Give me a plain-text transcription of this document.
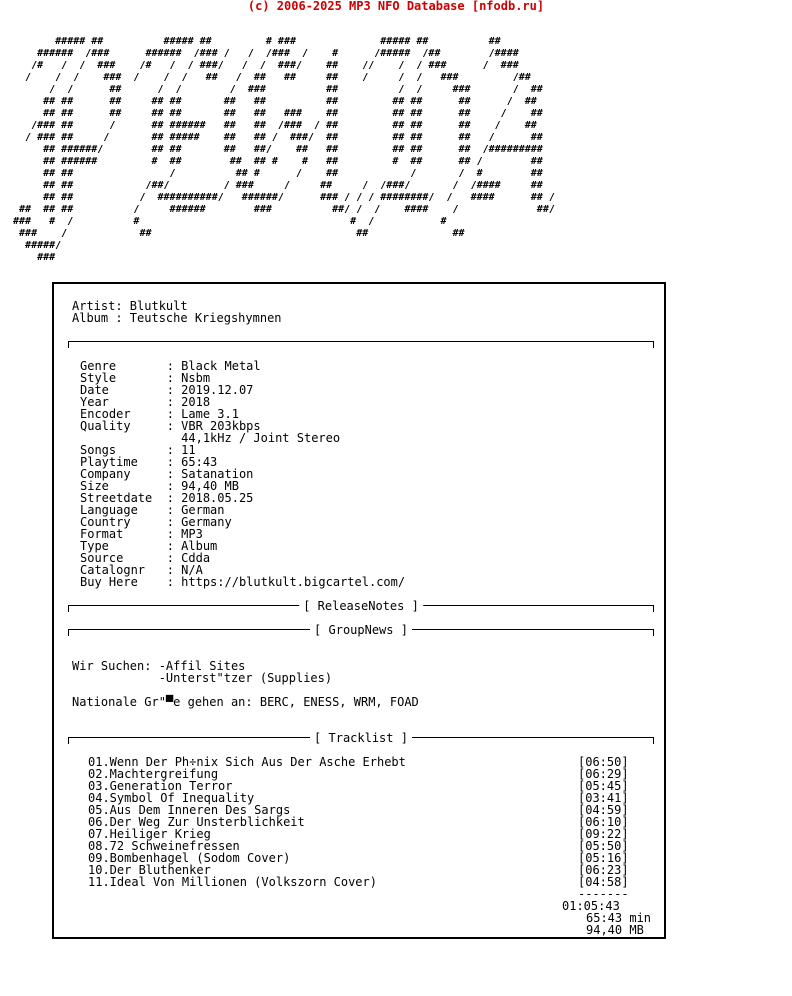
(c) 2006-2025 MP3 NFO Database [nfodb.ru]
##### ##          ##### ##         # ###              ##### ##          ##
######  /###      ######  /### /   /  /###  /    #      /#####  /##        /####
/#   /  /  ###    /#   /  / ###/   /  /  ###/    ##    //    /  / ###      /  ###
/    /  /    ###  /    /  /   ##   /  ##   ##     ##    /     /  /   ###         /##
/  /      ##      /  /        /  ###          ##          /  /     ###       /  ##
## ##      ##     ## ##       ##   ##          ##         ## ##      ##      /  ##
## ##      ##     ## ##       ##   ##   ###    ##         ## ##      ##     /    ##
/### ##      /      ## ######   ##   ##  /###  / ##         ## ##      ##    /    ##
/ ### ##     /       ## #####    ##   ## /  ###/  ##         ## ##      ##   /      ##
## ######/        ## ##       ##   ##/    ##   ##         ## ##      ##  /#########
## ######         #  ##        ##  ## #    #   ##         #  ##      ## /        ##
## ##                /          ## #      /    ##            /       /  #        ##
## ##            /##/         / ###     /     ##     /  /###/       /  /####     ##
## ##           /  ##########/   ######/      ### / / / ########/  /   ####      ## /
##  ## ##          /     ######        ###          ##/ /  /    ####    /             ##/
###   #  /          #                                   #  /           #
###    /            ##                                  ##              ##
#####/
###
Artist: Blutkult
Album : Teutsche Kriegshymnen
Genre       : Black Metal
Style       : Nsbm
Date        : 2019.12.07
Year        : 2018
Encoder     : Lame 3.1
Quality     : VBR 203kbps
44,1kHz / Joint Stereo
Songs       : 11
Playtime    : 65:43
Company     : Satanation
Size        : 94,40 MB
Streetdate  : 2018.05.25
Language    : German
Country     : Germany
Format      : MP3
Type        : Album
Source      : Cdda
Catalognr   : N/A
Buy Here    : https://blutkult.bigcartel.com/
[ ReleaseNotes ]
[ GroupNews ]
Wir Suchen: -Affil Sites
-Unterst"tzer (Supplies)
Nationale Gr"▀e gehen an: BERC, ENESS, WRM, FOAD
[ Tracklist ]
01.Wenn Der Ph÷nix Sich Aus Der Asche Erhebt	[06:50]
02.Machtergreifung	[06:29]
03.Generation Terror	[05:45]
04.Symbol Of Inequality	[03:41]
05.Aus Dem Inneren Des Sargs	[04:59]
06.Der Weg Zur Unsterblichkeit	[06:10]
07.Heiliger Krieg	[09:22]
08.72 Schweinefressen	[05:50]
09.Bombenhagel (Sodom Cover)	[05:16]
10.Der Bluthenker	[06:23]
11.Ideal Von Millionen (Volkszorn Cover)	[04:58]
-------
01:05:43
65:43 min
94,40 MB
